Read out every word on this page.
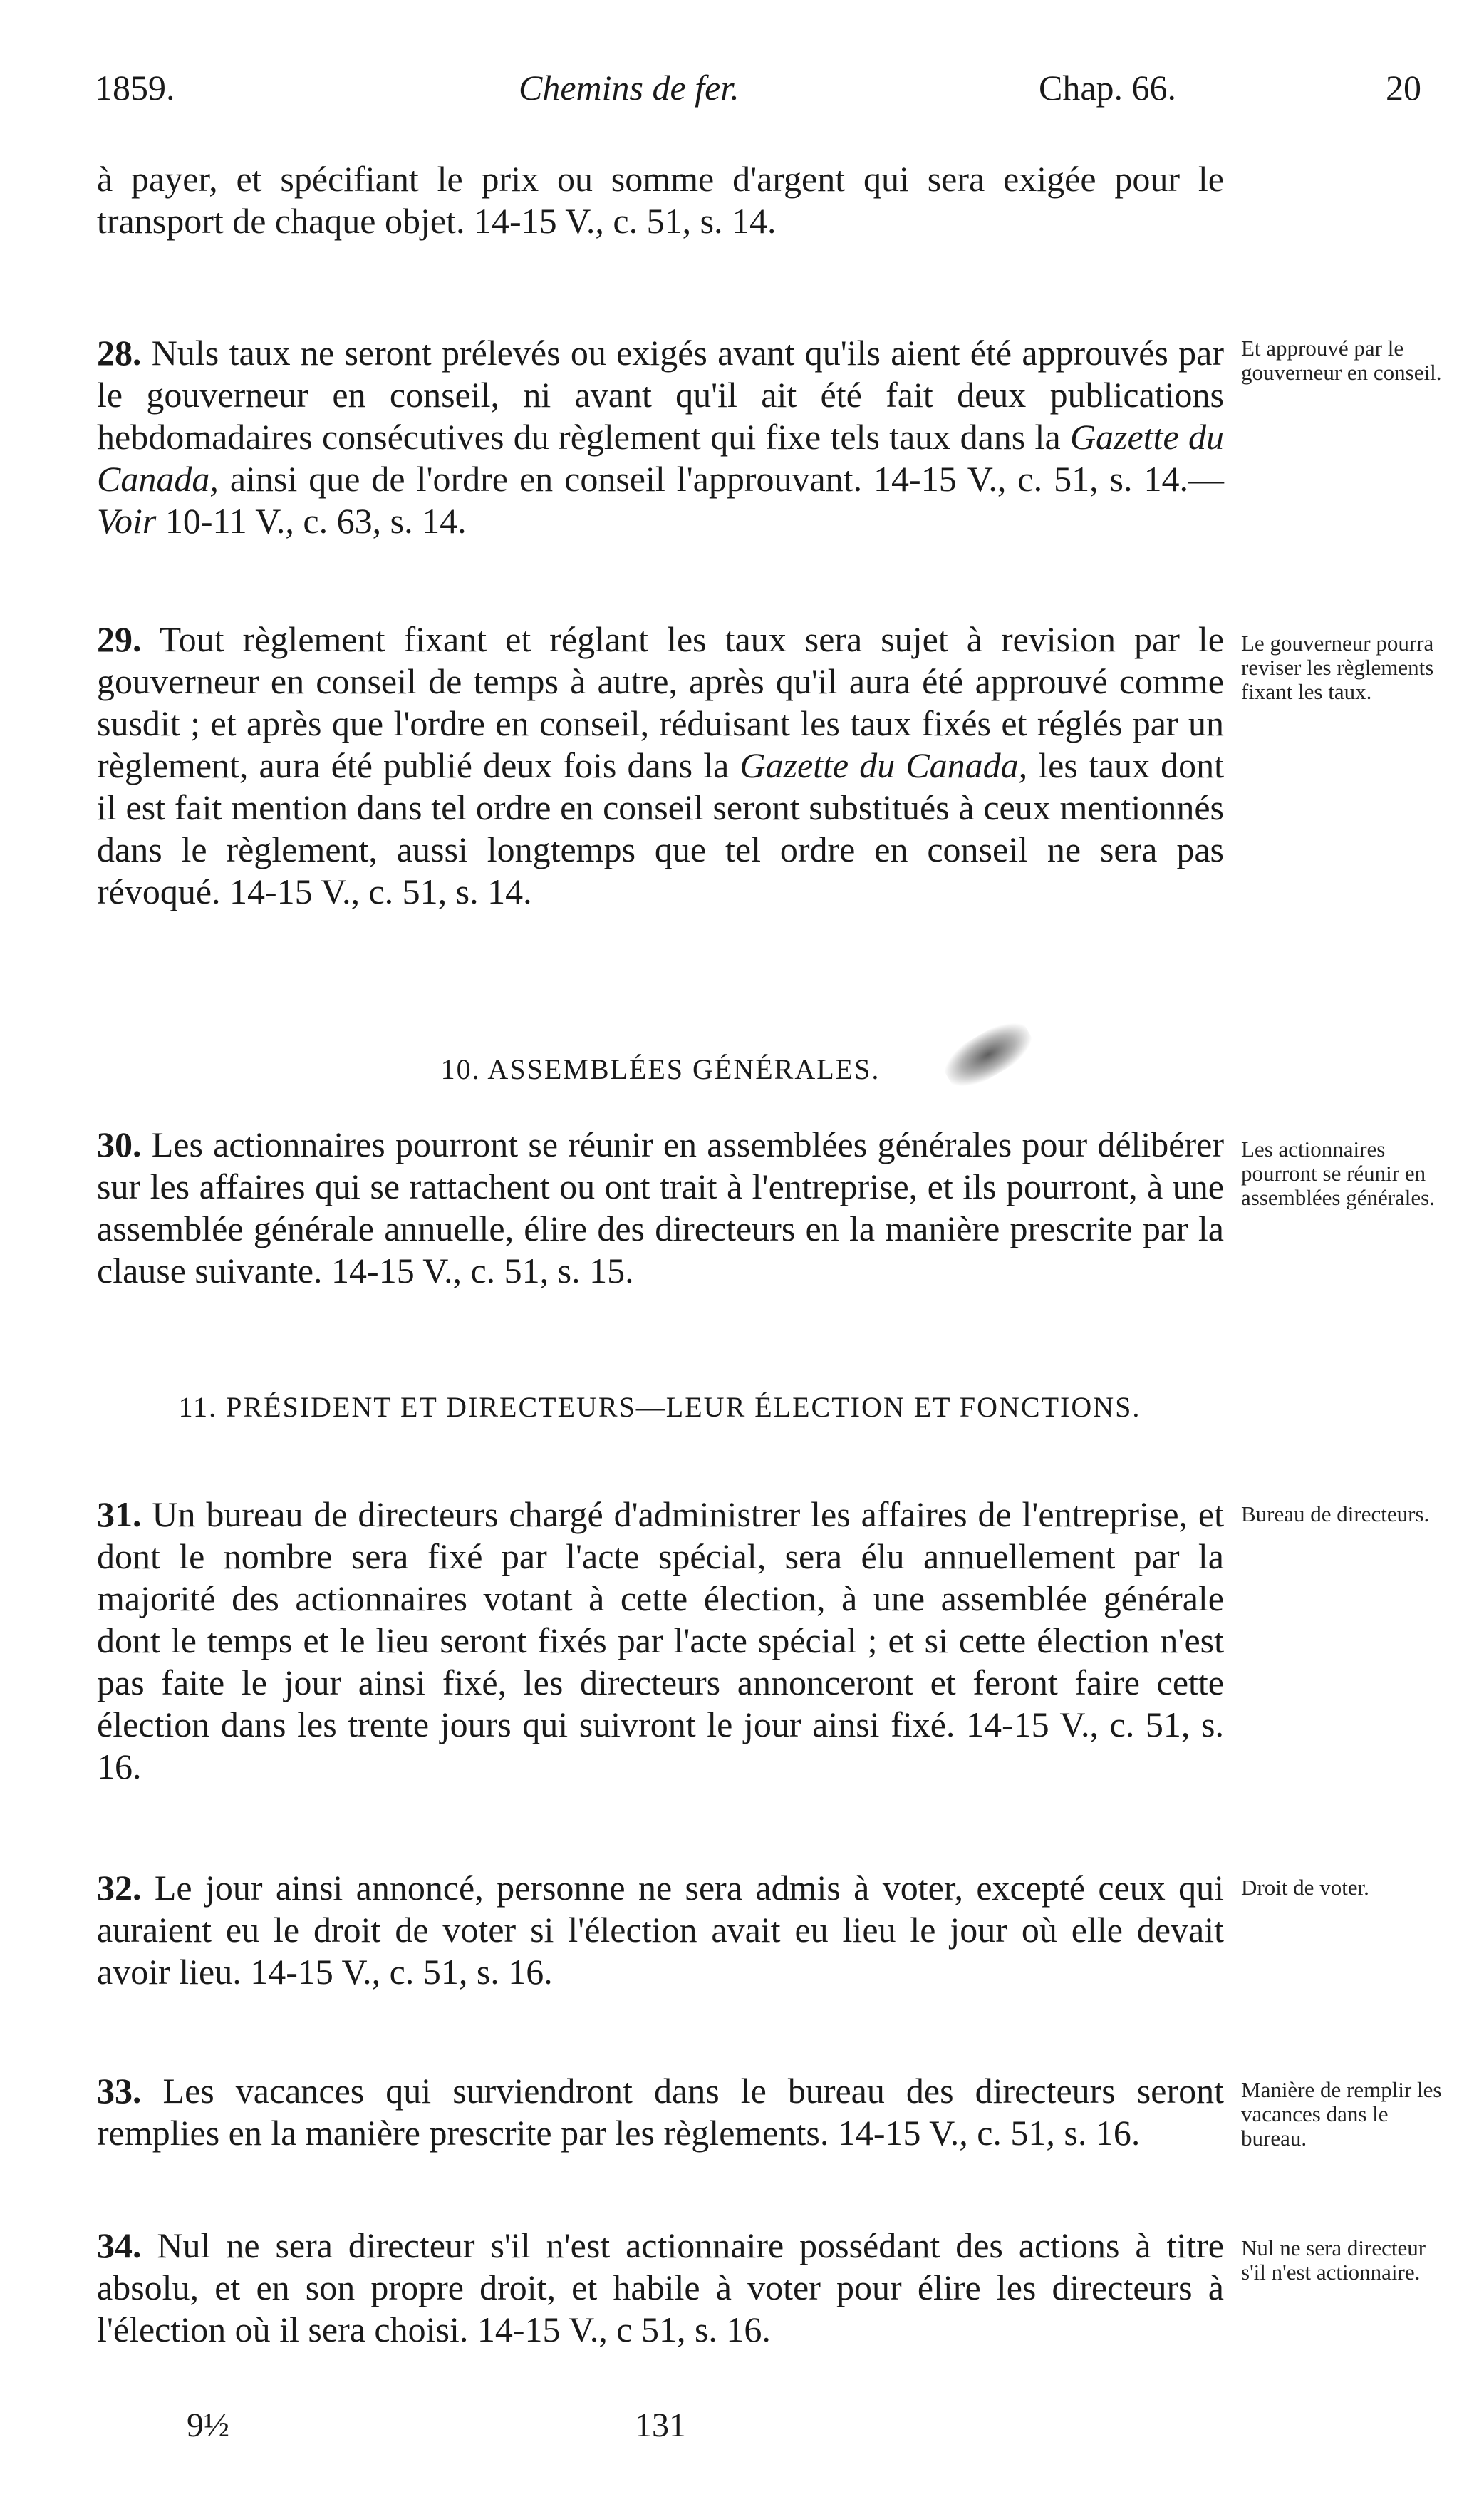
1859.	Chemins de fer.	Chap. 66.	20

à payer, et spécifiant le prix ou somme d'argent qui sera exigée pour le transport de chaque objet. 14-15 V., c. 51, s. 14.

28. Nuls taux ne seront prélevés ou exigés avant qu'ils aient été approuvés par le gouverneur en conseil, ni avant qu'il ait été fait deux publications hebdomadaires consécutives du règlement qui fixe tels taux dans la Gazette du Canada, ainsi que de l'ordre en conseil l'approuvant. 14-15 V., c. 51, s. 14.—Voir 10-11 V., c. 63, s. 14.

Et approuvé par le gouverneur en conseil.

29. Tout règlement fixant et réglant les taux sera sujet à revision par le gouverneur en conseil de temps à autre, après qu'il aura été approuvé comme susdit ; et après que l'ordre en conseil, réduisant les taux fixés et réglés par un règlement, aura été publié deux fois dans la Gazette du Canada, les taux dont il est fait mention dans tel ordre en conseil seront substitués à ceux mentionnés dans le règlement, aussi longtemps que tel ordre en conseil ne sera pas révoqué. 14-15 V., c. 51, s. 14.

Le gouverneur pourra reviser les règlements fixant les taux.
10. ASSEMBLÉES GÉNÉRALES.

30. Les actionnaires pourront se réunir en assemblées générales pour délibérer sur les affaires qui se rattachent ou ont trait à l'entreprise, et ils pourront, à une assemblée générale annuelle, élire des directeurs en la manière prescrite par la clause suivante. 14-15 V., c. 51, s. 15.

Les actionnaires pourront se réunir en assemblées générales.
11. PRÉSIDENT ET DIRECTEURS—LEUR ÉLECTION ET FONCTIONS.

31. Un bureau de directeurs chargé d'administrer les affaires de l'entreprise, et dont le nombre sera fixé par l'acte spécial, sera élu annuellement par la majorité des actionnaires votant à cette élection, à une assemblée générale dont le temps et le lieu seront fixés par l'acte spécial ; et si cette élection n'est pas faite le jour ainsi fixé, les directeurs annonceront et feront faire cette élection dans les trente jours qui suivront le jour ainsi fixé. 14-15 V., c. 51, s. 16.

Bureau de directeurs.

32. Le jour ainsi annoncé, personne ne sera admis à voter, excepté ceux qui auraient eu le droit de voter si l'élection avait eu lieu le jour où elle devait avoir lieu. 14-15 V., c. 51, s. 16.

Droit de voter.

33. Les vacances qui surviendront dans le bureau des directeurs seront remplies en la manière prescrite par les règlements. 14-15 V., c. 51, s. 16.

Manière de remplir les vacances dans le bureau.

34. Nul ne sera directeur s'il n'est actionnaire possédant des actions à titre absolu, et en son propre droit, et habile à voter pour élire les directeurs à l'élection où il sera choisi. 14-15 V., c 51, s. 16.

Nul ne sera directeur s'il n'est actionnaire.
9½	131
